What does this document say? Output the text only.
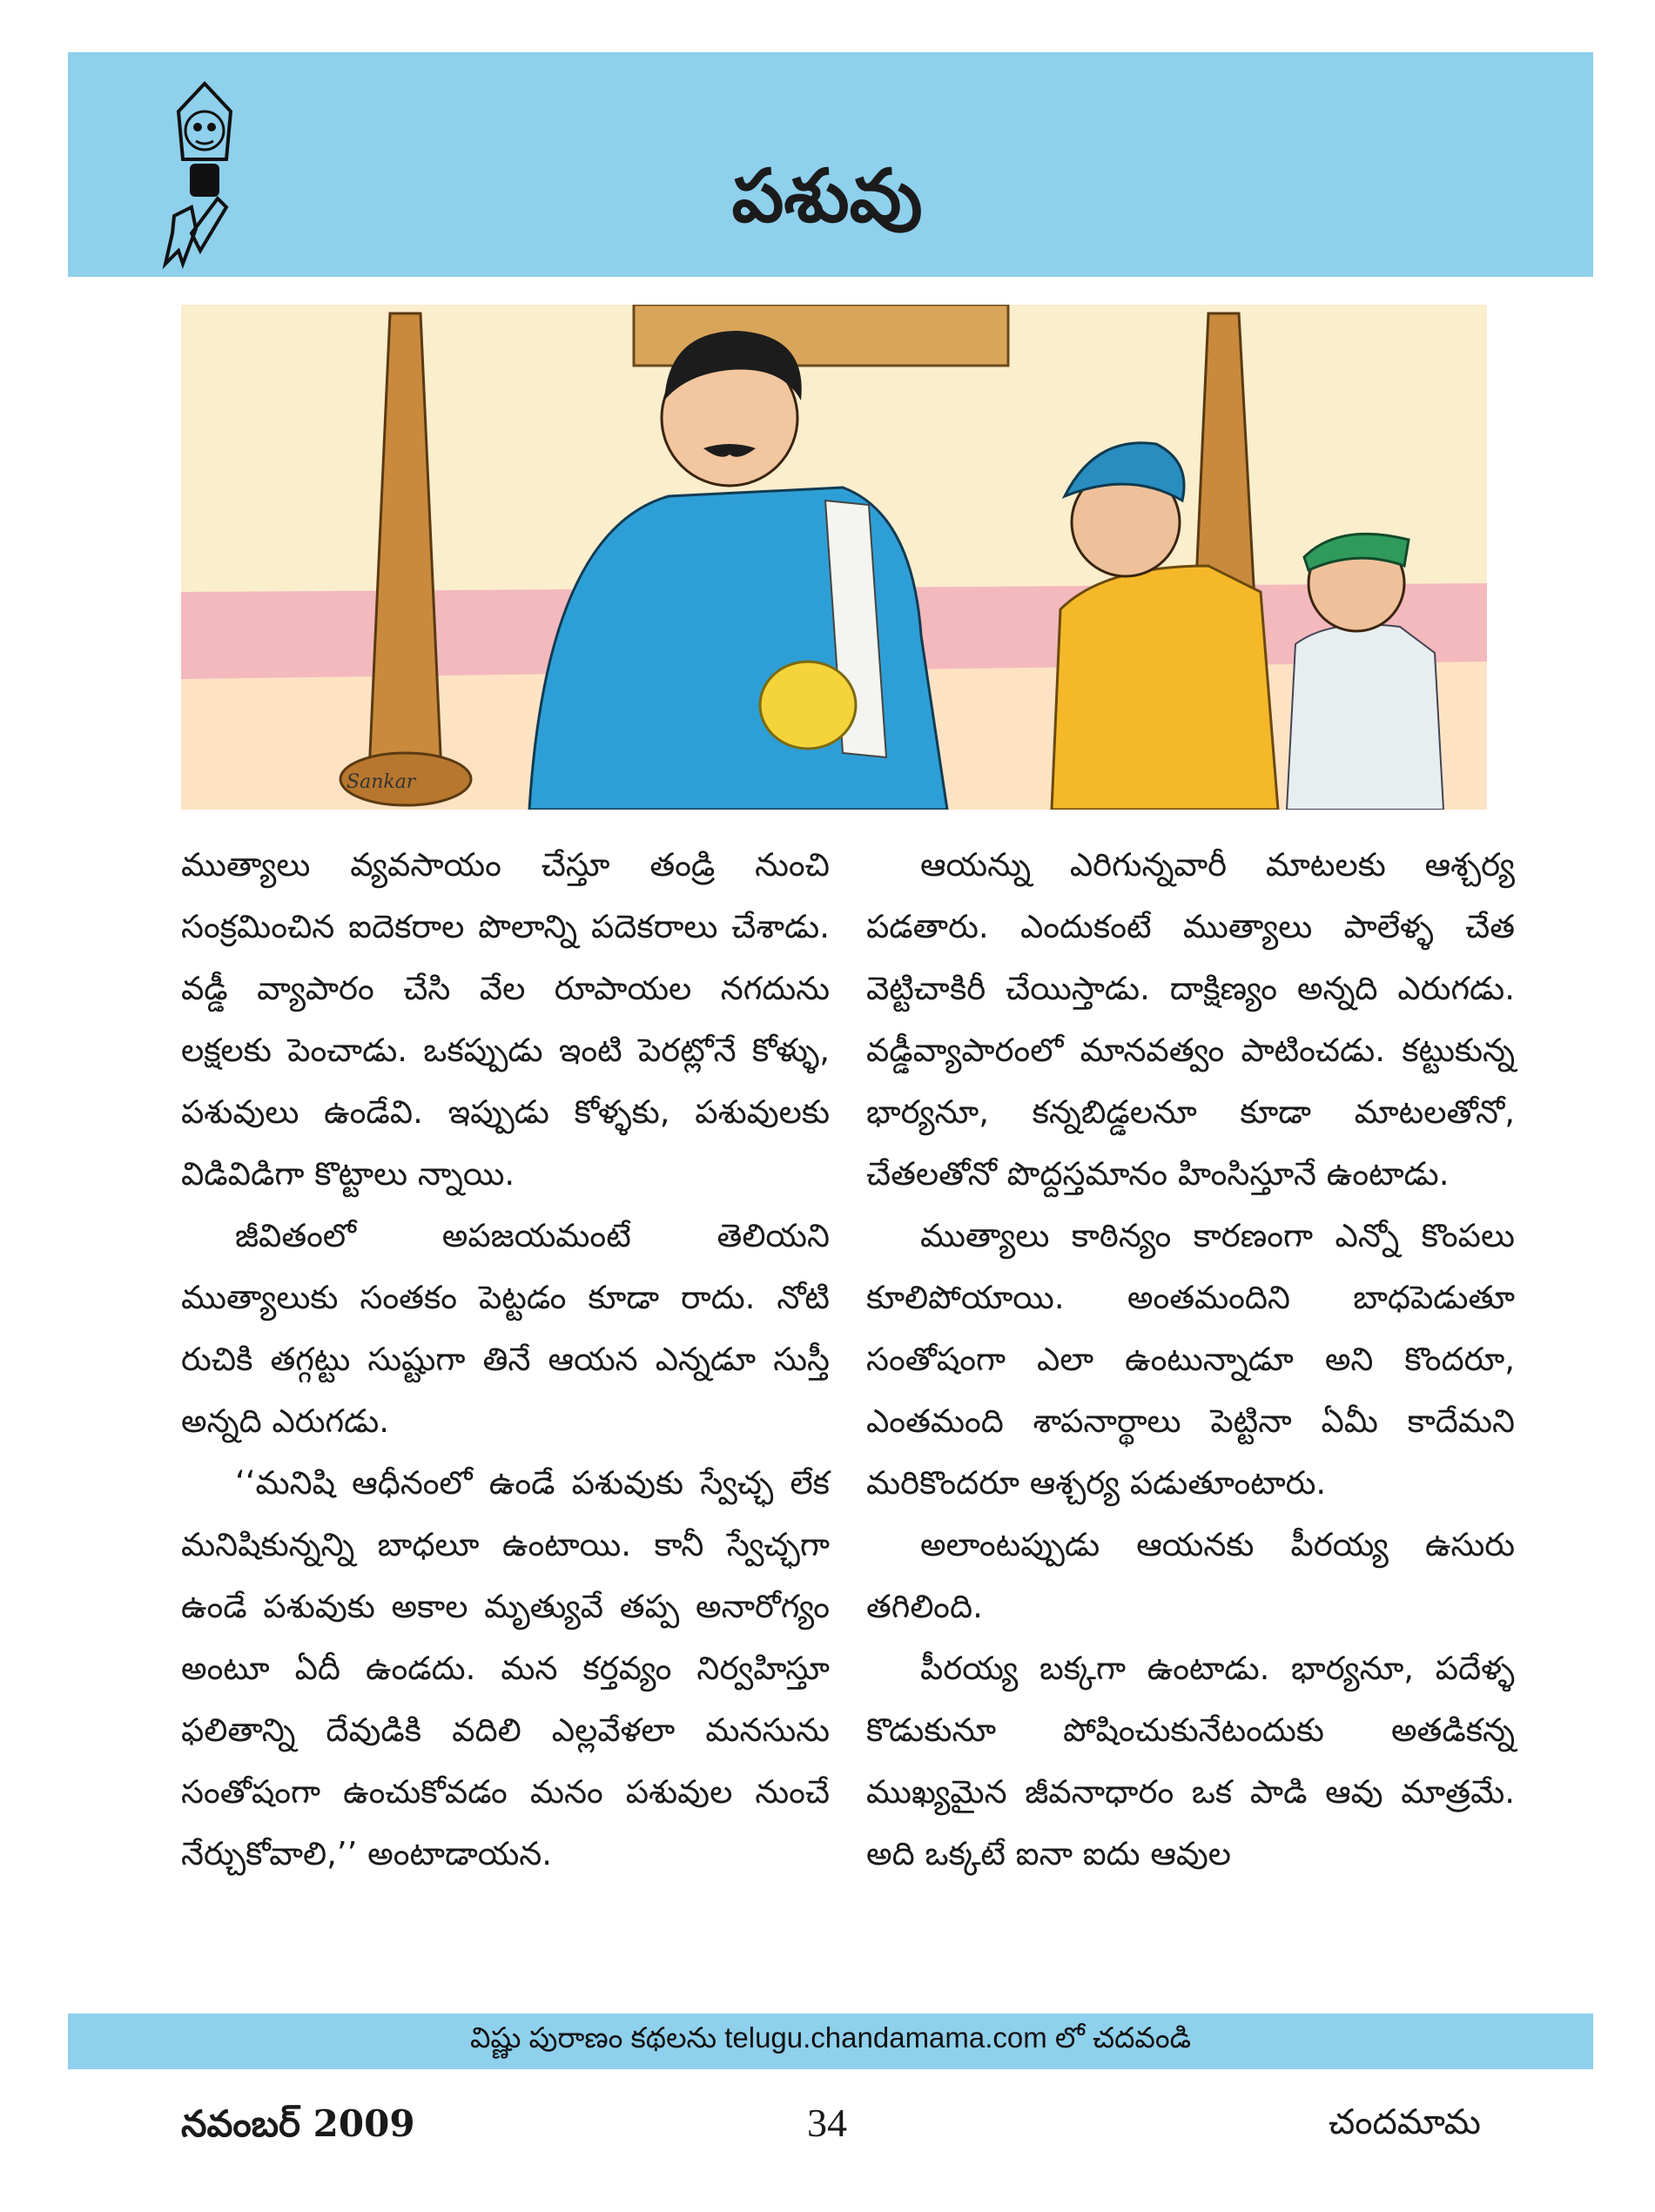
పశువు
Sankar

ముత్యాలు వ్యవసాయం చేస్తూ తండ్రి నుంచి సంక్రమించిన ఐదెకరాల పొలాన్ని పదెకరాలు చేశాడు. వడ్డీ వ్యాపారం చేసి వేల రూపాయల నగదును లక్షలకు పెంచాడు. ఒకప్పుడు ఇంటి పెరట్లోనే కోళ్ళు, పశువులు ఉండేవి. ఇప్పుడు కోళ్ళకు, పశువులకు విడివిడిగా కొట్టాలు న్నాయి.

జీవితంలో అపజయమంటే తెలియని ముత్యాలుకు సంతకం పెట్టడం కూడా రాదు. నోటి రుచికి తగ్గట్టు సుష్టుగా తినే ఆయన ఎన్నడూ సుస్తీ అన్నది ఎరుగడు.

‘‘మనిషి ఆధీనంలో ఉండే పశువుకు స్వేచ్ఛ లేక మనిషికున్నన్ని బాధలూ ఉంటాయి. కానీ స్వేచ్ఛగా ఉండే పశువుకు అకాల మృత్యువే తప్ప అనారోగ్యం అంటూ ఏదీ ఉండదు. మన కర్తవ్యం నిర్వహిస్తూ ఫలితాన్ని దేవుడికి వదిలి ఎల్లవేళలా మనసును సంతోషంగా ఉంచుకోవడం మనం పశువుల నుంచే నేర్చుకోవాలి,’’ అంటాడాయన.

ఆయన్ను ఎరిగున్నవారీ మాటలకు ఆశ్చర్య పడతారు. ఎందుకంటే ముత్యాలు పాలేళ్ళ చేత వెట్టిచాకిరీ చేయిస్తాడు. దాక్షిణ్యం అన్నది ఎరుగడు. వడ్డీవ్యాపారంలో మానవత్వం పాటించడు. కట్టుకున్న భార్యనూ, కన్నబిడ్డలనూ కూడా మాటలతోనో, చేతలతోనో పొద్దస్తమానం హింసిస్తూనే ఉంటాడు.

ముత్యాలు కాఠిన్యం కారణంగా ఎన్నో కొంపలు కూలిపోయాయి. అంతమందిని బాధపెడుతూ సంతోషంగా ఎలా ఉంటున్నాడూ అని కొందరూ, ఎంతమంది శాపనార్థాలు పెట్టినా ఏమీ కాదేమని మరికొందరూ ఆశ్చర్య పడుతూంటారు.

అలాంటప్పుడు ఆయనకు పీరయ్య ఉసురు తగిలింది.

పీరయ్య బక్కగా ఉంటాడు. భార్యనూ, పదేళ్ళ కొడుకునూ పోషించుకునేటందుకు అతడికన్న ముఖ్యమైన జీవనాధారం ఒక పాడి ఆవు మాత్రమే. అది ఒక్కటే ఐనా ఐదు ఆవుల

విష్ణు పురాణం కథలను telugu.chandamama.com లో చదవండి
నవంబర్ 2009	34	చందమామ
